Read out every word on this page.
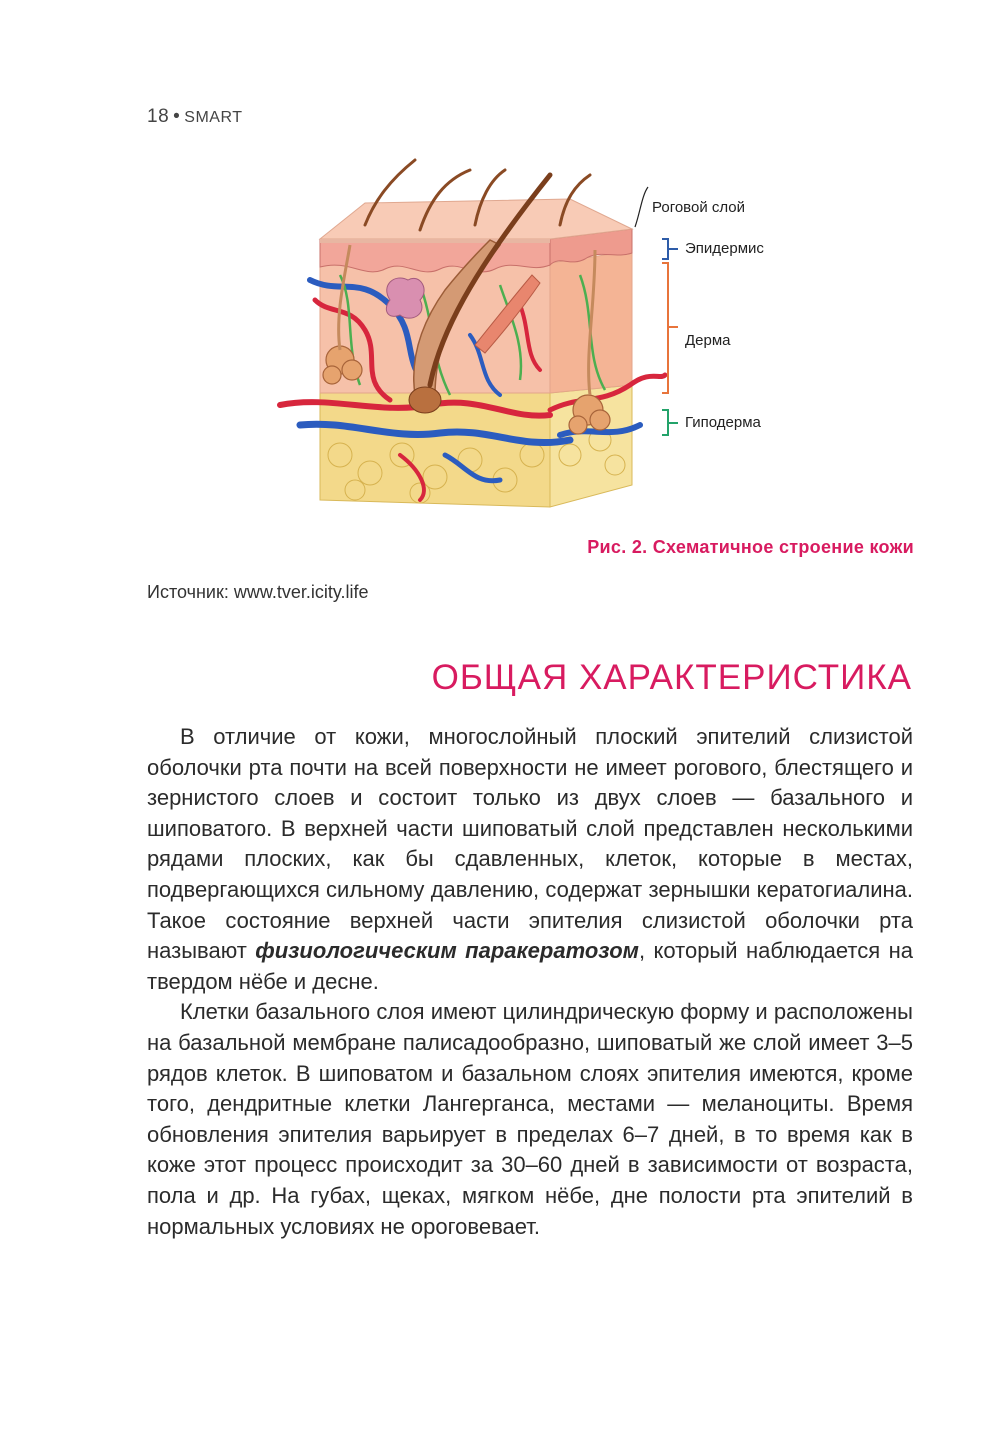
18 • SMART
Роговой слой
Эпидермис
Дерма
Гиподерма
Рис. 2. Схематичное строение кожи
Источник: www.tver.icity.life
ОБЩАЯ ХАРАКТЕРИСТИКА

В отличие от кожи, многослойный плоский эпителий слизистой оболочки рта почти на всей поверхности не имеет рогового, блестящего и зернистого слоев и состоит только из двух слоев — базального и шиповатого. В верхней части шиповатый слой представлен несколькими рядами плоских, как бы сдавленных, клеток, которые в местах, подвергающихся сильному давлению, содержат зернышки кератогиалина. Такое состояние верхней части эпителия слизистой оболочки рта называют физиологическим паракератозом, который наблюдается на твердом нёбе и десне.

Клетки базального слоя имеют цилиндрическую форму и расположены на базальной мембране палисадообразно, шиповатый же слой имеет 3–5 рядов клеток. В шиповатом и базальном слоях эпителия имеются, кроме того, дендритные клетки Лангерганса, местами — меланоциты. Время обновления эпителия варьирует в пределах 6–7 дней, в то время как в коже этот процесс происходит за 30–60 дней в зависимости от возраста, пола и др. На губах, щеках, мягком нёбе, дне полости рта эпителий в нормальных условиях не ороговевает.
